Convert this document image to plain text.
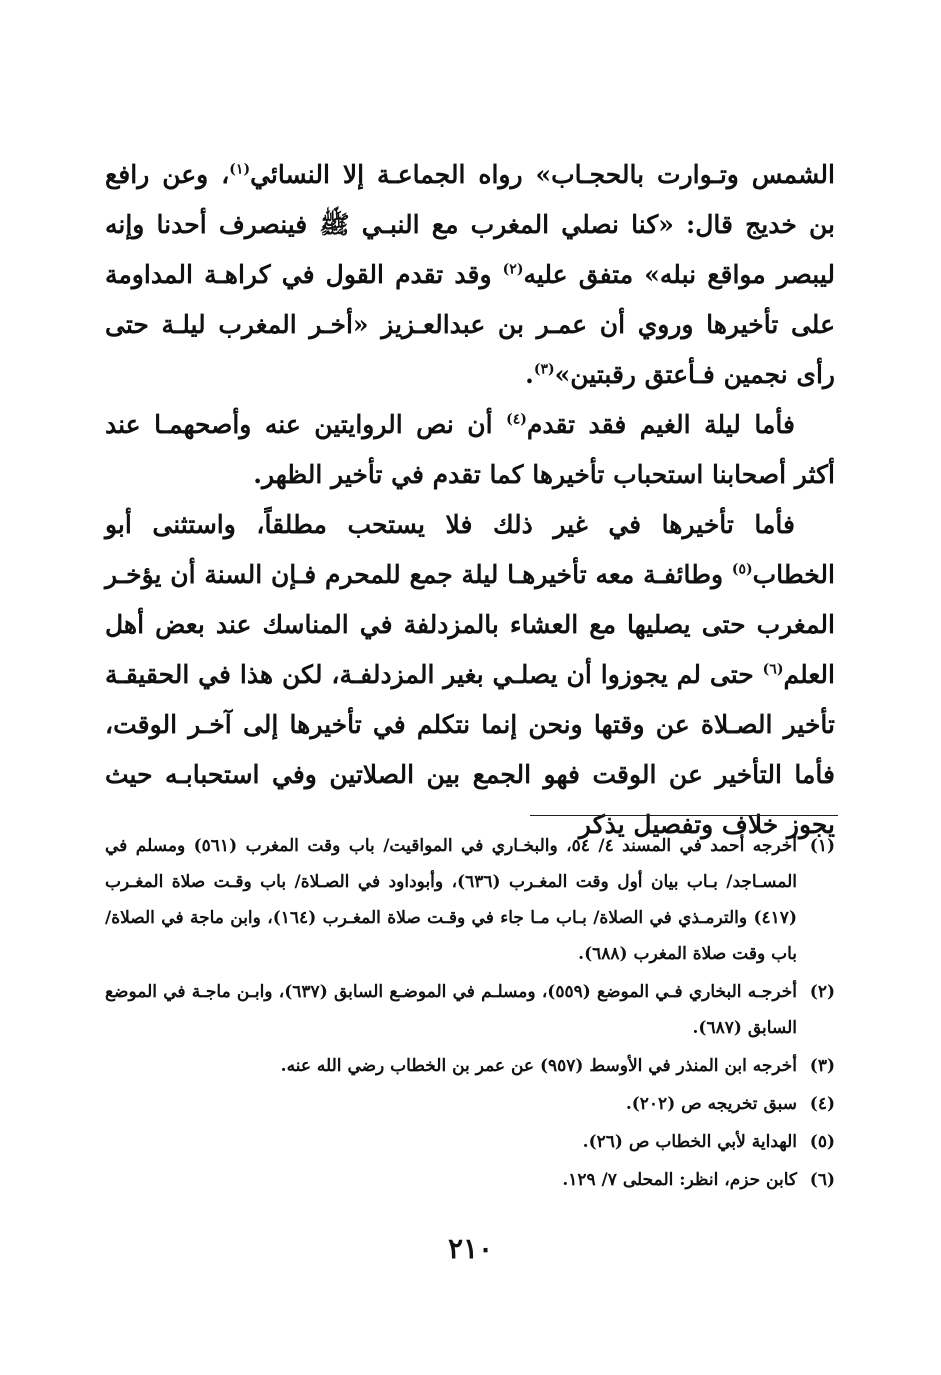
الشمس وتـوارت بالحجـاب» رواه الجماعـة إلا النسائي$^{(١)}$، وعن رافع بن خديج قال: «كنا نصلي المغرب مع النبـي ﷺ فينصرف أحدنا وإنه ليبصر مواقع نبله» متفق عليه$^{(٢)}$ وقد تقدم القول في كراهـة المداومة على تأخيرها وروي أن عمـر بن عبدالعـزيز «أخـر المغرب ليلـة حتى رأى نجمين فـأعتق رقبتين»$^{(٣)}$.

فأما ليلة الغيم فقد تقدم$^{(٤)}$ أن نص الروايتين عنه وأصحهمـا عند أكثر أصحابنا استحباب تأخيرها كما تقدم في تأخير الظهر.

فأما تأخيرها في غير ذلك فلا يستحب مطلقاً، واستثنى أبو الخطاب$^{(٥)}$ وطائفـة معه تأخيرهـا ليلة جمع للمحرم فـإن السنة أن يؤخـر المغرب حتى يصليها مع العشاء بالمزدلفة في المناسك عند بعض أهل العلم$^{(٦)}$ حتى لم يجوزوا أن يصلـي بغير المزدلفـة، لكن هذا في الحقيقـة تأخير الصـلاة عن وقتها ونحن إنما نتكلم في تأخيرها إلى آخـر الوقت، فأما التأخير عن الوقت فهو الجمع بين الصلاتين وفي استحبابـه حيث يجوز خلاف وتفصيل يذكر

(١)
أخرجه أحمد في المسند ٤/ ٥٤، والبخـاري في المواقيت/ باب وقت المغرب (٥٦١) ومسلم في المسـاجد/ بـاب بيان أول وقت المغـرب (٦٣٦)، وأبوداود في الصـلاة/ باب وقـت صلاة المغـرب (٤١٧) والترمـذي في الصلاة/ بـاب مـا جاء في وقـت صلاة المغـرب (١٦٤)، وابن ماجة في الصلاة/ باب وقت صلاة المغرب (٦٨٨).
(٢)
أخرجـه البخاري فـي الموضع (٥٥٩)، ومسلـم في الموضـع السابق (٦٣٧)، وابـن ماجـة في الموضع السابق (٦٨٧).
(٣)
أخرجه ابن المنذر في الأوسط (٩٥٧) عن عمر بن الخطاب رضي الله عنه.
(٤)
سبق تخريجه ص (٢٠٢).
(٥)
الهداية لأبي الخطاب ص (٢٦).
(٦)
كابن حزم، انظر: المحلى ٧/ ١٢٩.
٢١٠
